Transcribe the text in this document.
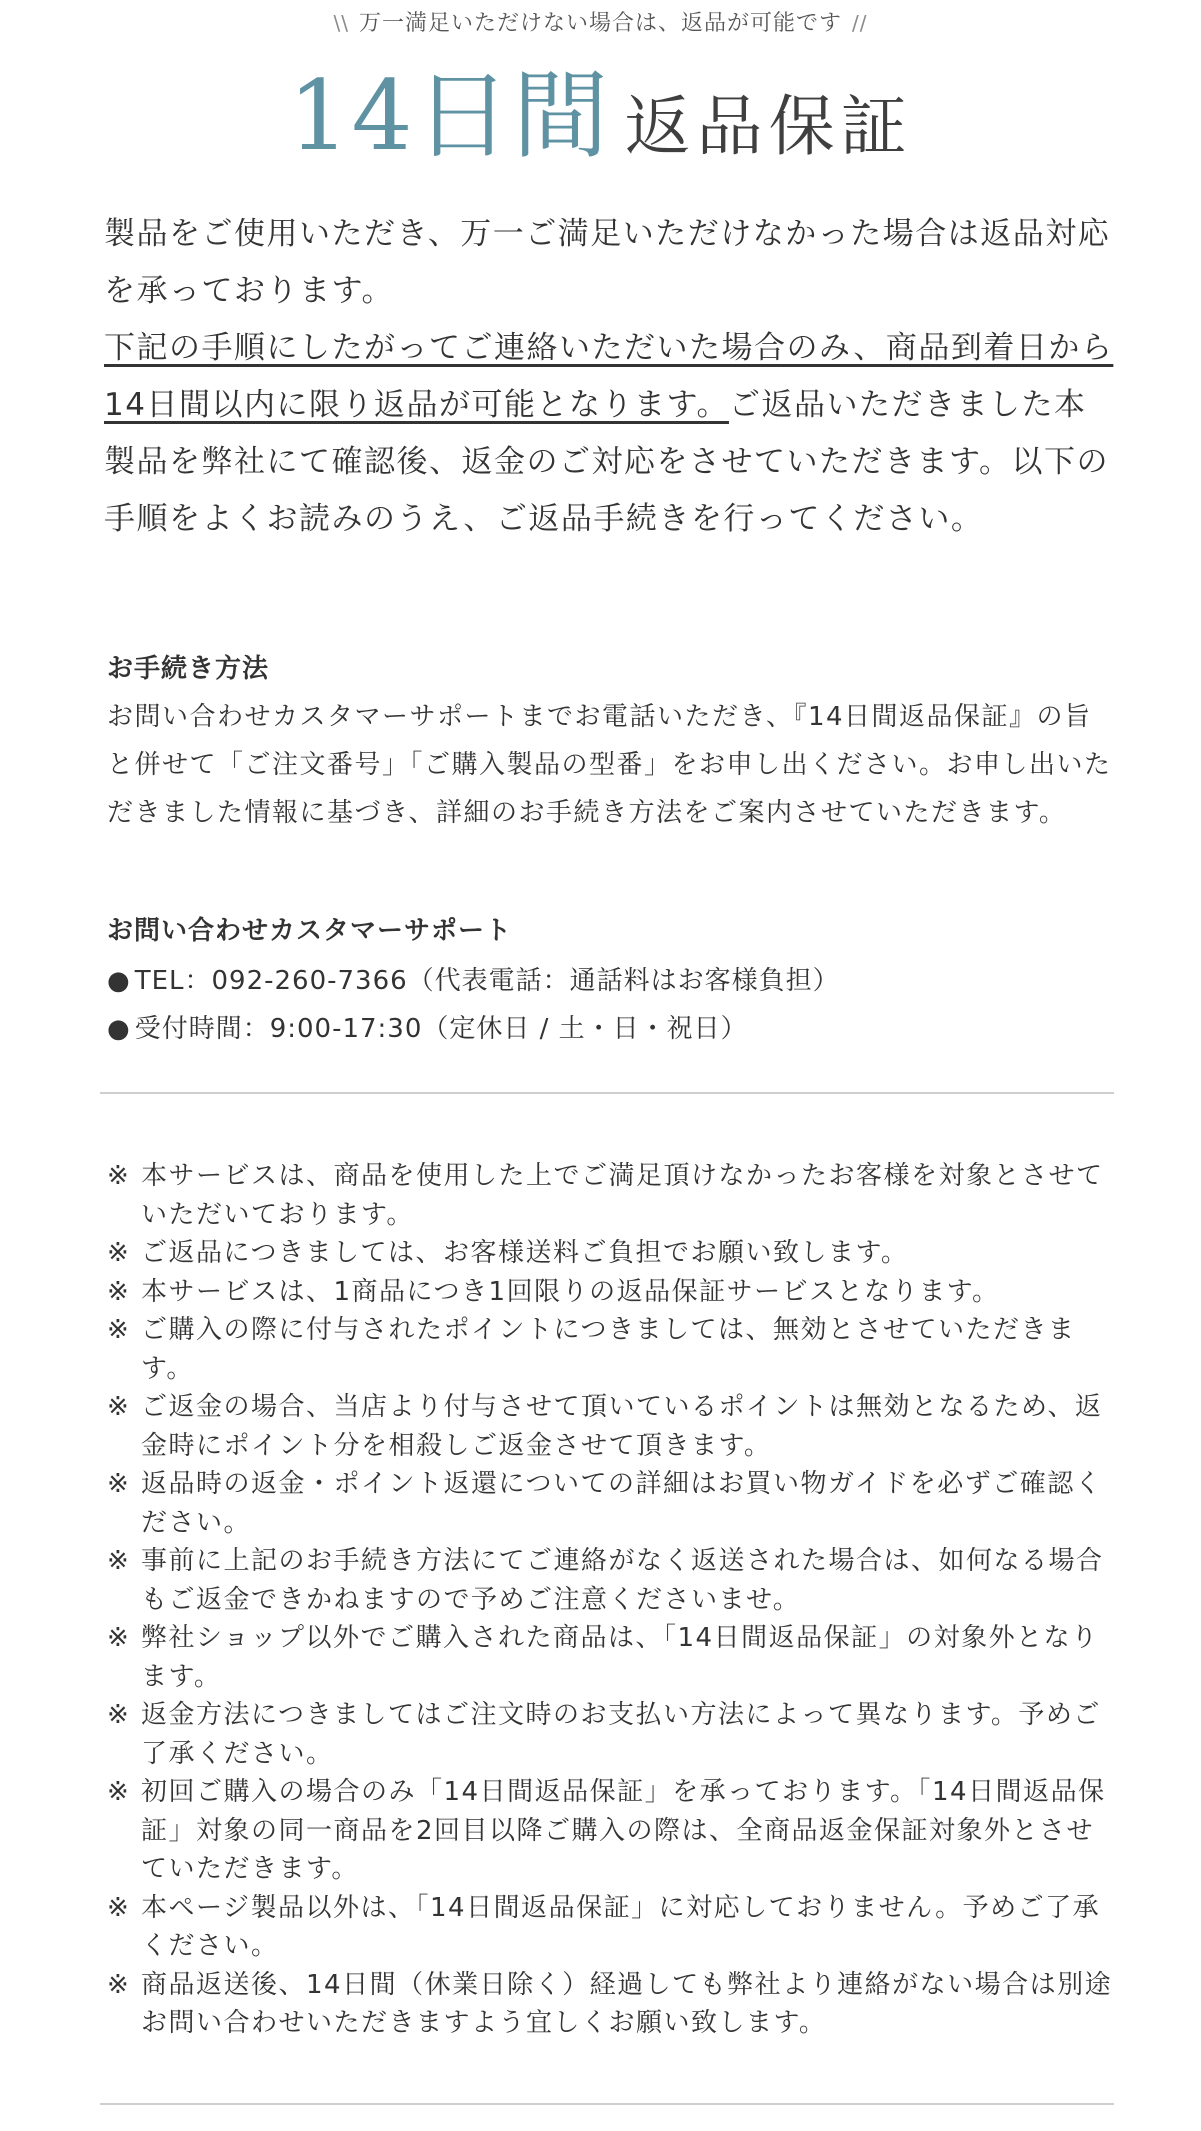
\\ 万一満足いただけない場合は、返品が可能です //
14日間 返品保証
製品をご使用いただき、万一ご満足いただけなかった場合は返品対応を承っております。
下記の手順にしたがってご連絡いただいた場合のみ、商品到着日から14日間以内に限り返品が可能となります。ご返品いただきました本製品を弊社にて確認後、返金のご対応をさせていただきます。以下の手順をよくお読みのうえ、ご返品手続きを行ってください。
お手続き方法
お問い合わせカスタマーサポートまでお電話いただき、『14日間返品保証』の旨と併せて「ご注文番号」「ご購入製品の型番」をお申し出ください。お申し出いただきました情報に基づき、詳細のお手続き方法をご案内させていただきます。
お問い合わせカスタマーサポート
● TEL：092-260-7366（代表電話：通話料はお客様負担）
● 受付時間：9:00-17:30（定休日 / 土・日・祝日）
※ 本サービスは、商品を使用した上でご満足頂けなかったお客様を対象とさせていただいております。
※ ご返品につきましては、お客様送料ご負担でお願い致します。
※ 本サービスは、1商品につき1回限りの返品保証サービスとなります。
※ ご購入の際に付与されたポイントにつきましては、無効とさせていただきます。
※ ご返金の場合、当店より付与させて頂いているポイントは無効となるため、返金時にポイント分を相殺しご返金させて頂きます。
※ 返品時の返金・ポイント返還についての詳細はお買い物ガイドを必ずご確認ください。
※ 事前に上記のお手続き方法にてご連絡がなく返送された場合は、如何なる場合もご返金できかねますので予めご注意くださいませ。
※ 弊社ショップ以外でご購入された商品は、「14日間返品保証」の対象外となります。
※ 返金方法につきましてはご注文時のお支払い方法によって異なります。予めご了承ください。
※ 初回ご購入の場合のみ「14日間返品保証」を承っております。「14日間返品保証」対象の同一商品を2回目以降ご購入の際は、全商品返金保証対象外とさせていただきます。
※ 本ページ製品以外は、「14日間返品保証」に対応しておりません。予めご了承ください。
※ 商品返送後、14日間（休業日除く）経過しても弊社より連絡がない場合は別途お問い合わせいただきますよう宜しくお願い致します。
